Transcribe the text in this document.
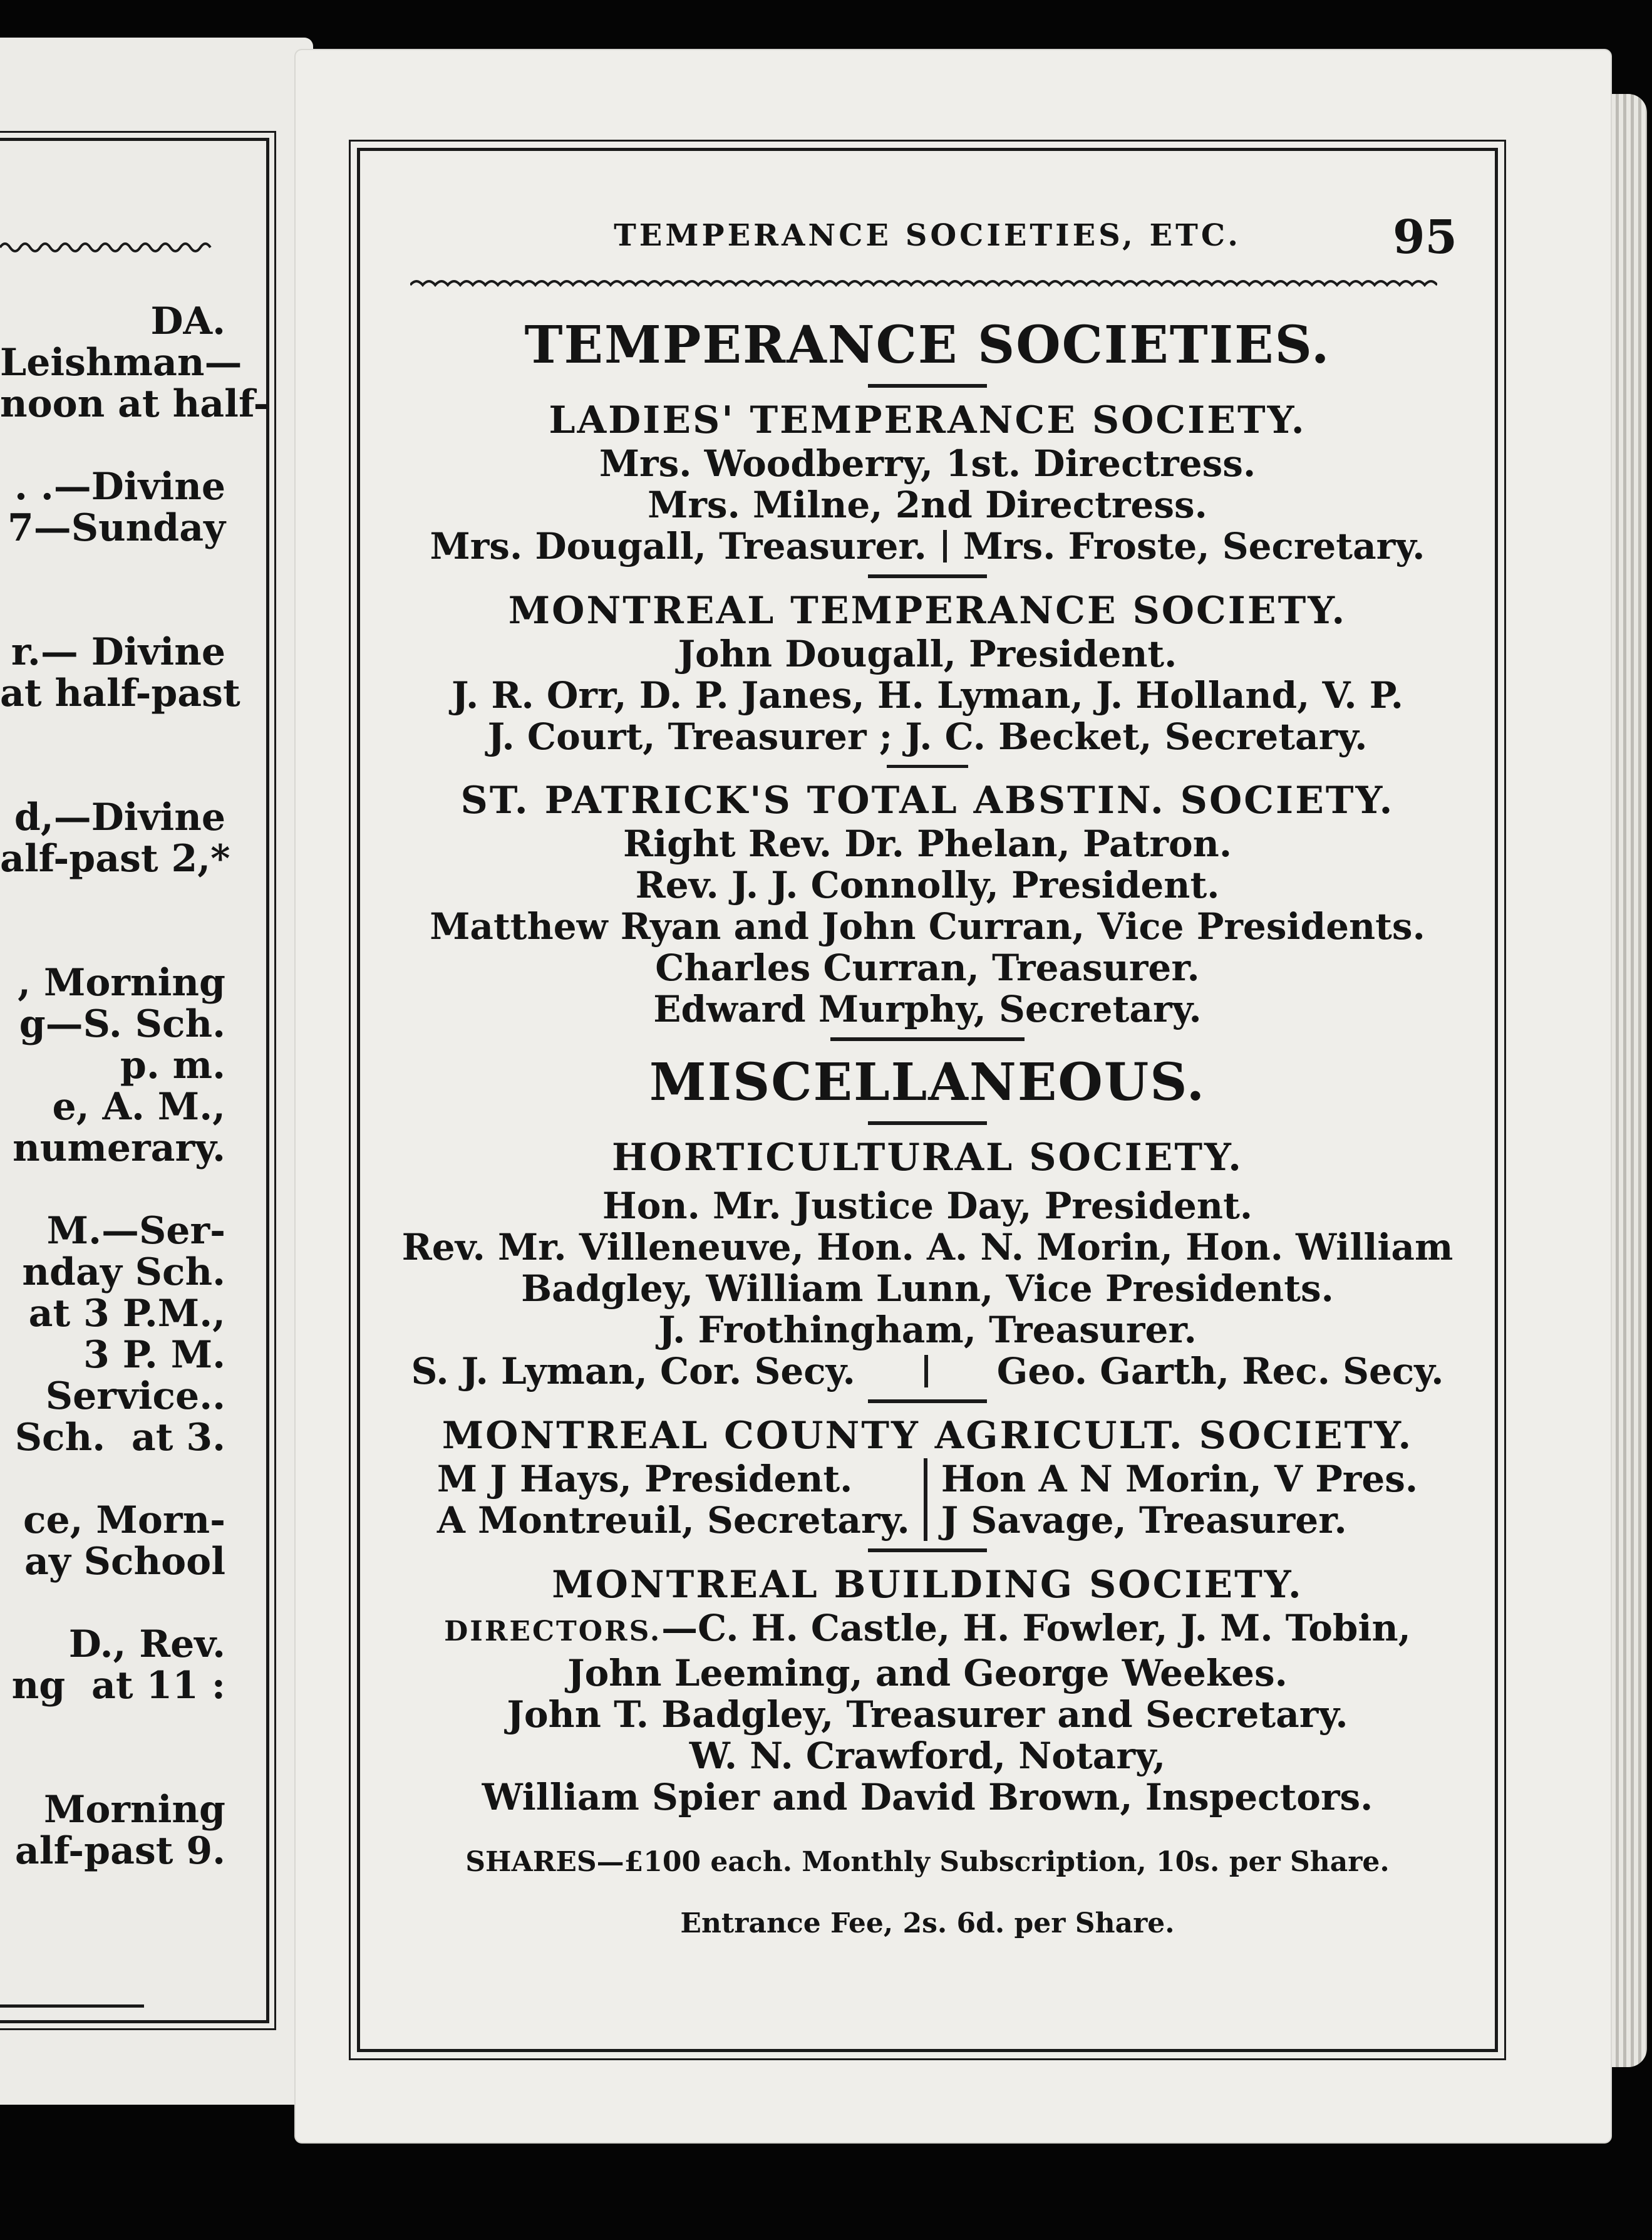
DA.
Leishman—
noon at half-

. .—Divine
7—Sunday

r.— Divine
at half-past

d,—Divine
alf-past 2,*

, Morning
g—S. Sch.
p. m.
e, A. M.,
numerary.

M.—Ser-
nday Sch.
at 3 P.M.,
3 P. M.
Service..
Sch.  at 3.

ce, Morn-
ay School

D., Rev.
ng  at 11 :

Morning
alf-past 9.
TEMPERANCE SOCIETIES, ETC.	95

TEMPERANCE SOCIETIES.

LADIES' TEMPERANCE SOCIETY.

Mrs. Woodberry, 1st. Directress.

Mrs. Milne, 2nd Directress.

Mrs. Dougall, Treasurer. Mrs. Froste, Secretary.

MONTREAL TEMPERANCE SOCIETY.

John Dougall, President.

J. R. Orr, D. P. Janes, H. Lyman, J. Holland, V. P.

J. Court, Treasurer ; J. C. Becket, Secretary.

ST. PATRICK'S TOTAL ABSTIN. SOCIETY.

Right Rev. Dr. Phelan, Patron.

Rev. J. J. Connolly, President.

Matthew Ryan and John Curran, Vice Presidents.

Charles Curran, Treasurer.

Edward Murphy, Secretary.

MISCELLANEOUS.

HORTICULTURAL SOCIETY.

Hon. Mr. Justice Day, President.

Rev. Mr. Villeneuve, Hon. A. N. Morin, Hon. William

Badgley, William Lunn, Vice Presidents.

J. Frothingham, Treasurer.

S. J. Lyman, Cor. Secy.	Geo. Garth, Rec. Secy.

MONTREAL COUNTY AGRICULT. SOCIETY.

M J Hays, President.
A Montreuil, Secretary.
Hon A N Morin, V Pres.
J Savage, Treasurer.

MONTREAL BUILDING SOCIETY.

DIRECTORS.—C. H. Castle, H. Fowler, J. M. Tobin,

John Leeming, and George Weekes.

John T. Badgley, Treasurer and Secretary.

W. N. Crawford, Notary,

William Spier and David Brown, Inspectors.

SHARES—£100 each. Monthly Subscription, 10s. per Share.

Entrance Fee, 2s. 6d. per Share.
